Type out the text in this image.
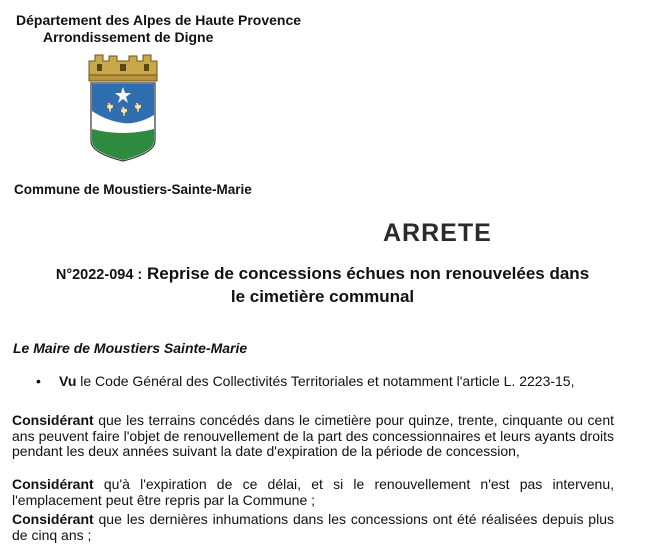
Département des Alpes de Haute Provence
Arrondissement de Digne
Commune de Moustiers-Sainte-Marie
ARRETE
N°2022-094 : Reprise de concessions échues non renouvelées dans
le cimetière communal
Le Maire de Moustiers Sainte-Marie
• Vu le Code Général des Collectivités Territoriales et notamment l'article L. 2223-15,
Considérant que les terrains concédés dans le cimetière pour quinze, trente, cinquante ou cent ans peuvent faire l'objet de renouvellement de la part des concessionnaires et leurs ayants droits pendant les deux années suivant la date d'expiration de la période de concession,
Considérant qu'à l'expiration de ce délai, et si le renouvellement n'est pas intervenu, l'emplacement peut être repris par la Commune ;
Considérant que les dernières inhumations dans les concessions ont été réalisées depuis plus de cinq ans ;
